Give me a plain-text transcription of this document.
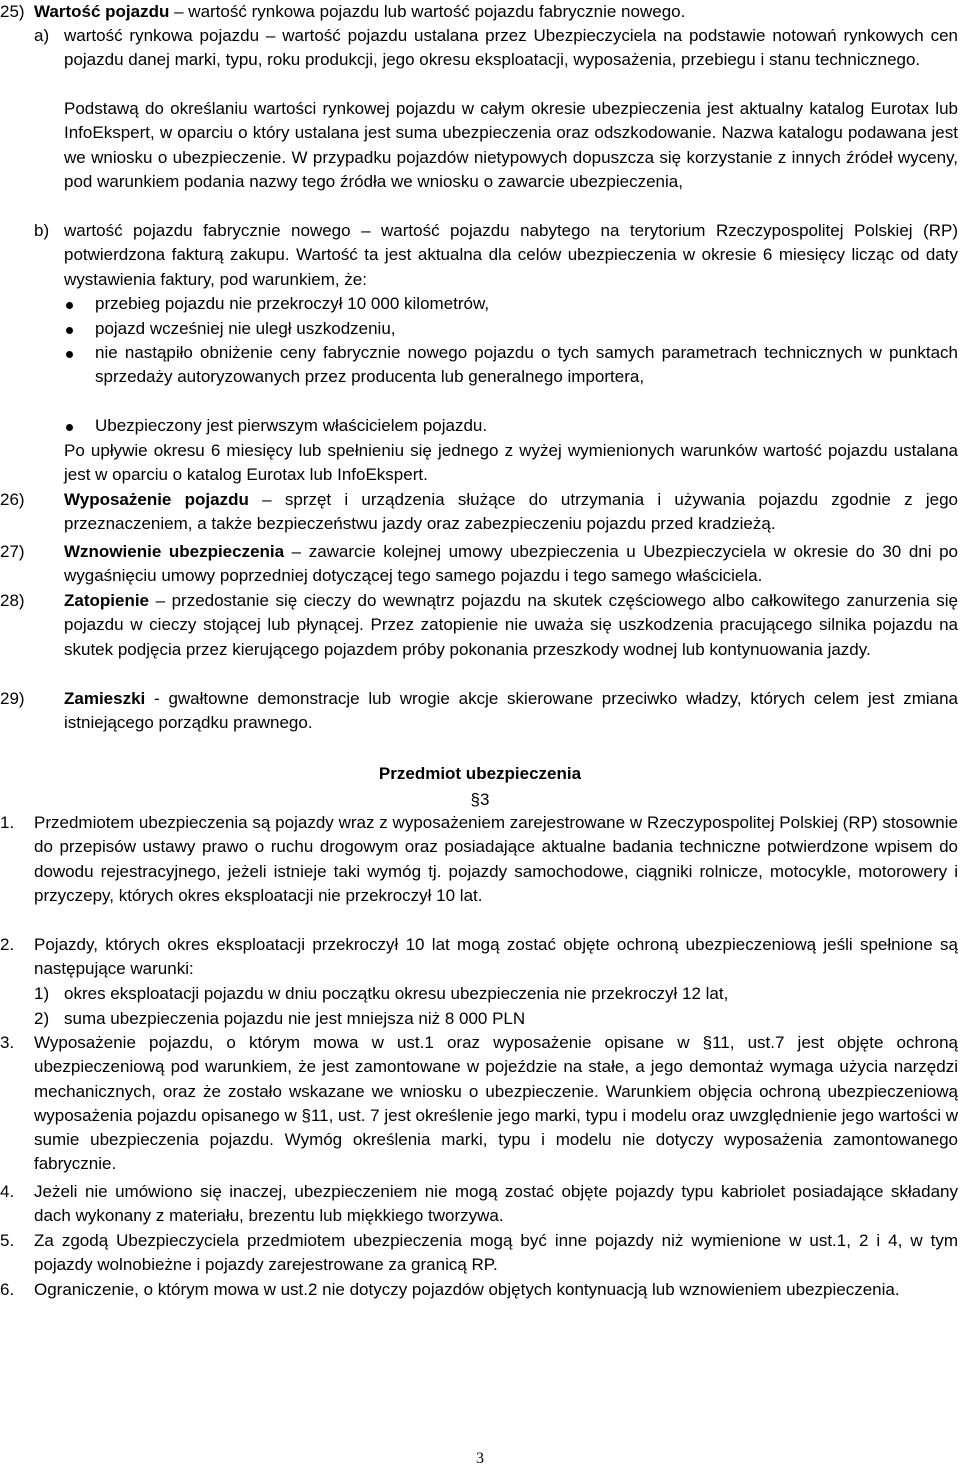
25) Wartość pojazdu – wartość rynkowa pojazdu lub wartość pojazdu fabrycznie nowego.

a) wartość rynkowa pojazdu – wartość pojazdu ustalana przez Ubezpieczyciela na podstawie notowań rynkowych cen pojazdu danej marki, typu, roku produkcji, jego okresu eksploatacji, wyposażenia, przebiegu i stanu technicznego.

Podstawą do określaniu wartości rynkowej pojazdu w całym okresie ubezpieczenia jest aktualny katalog Eurotax lub InfoEkspert, w oparciu o który ustalana jest suma ubezpieczenia oraz odszkodowanie. Nazwa katalogu podawana jest we wniosku o ubezpieczenie. W przypadku pojazdów nietypowych dopuszcza się korzystanie z innych źródeł wyceny, pod warunkiem podania nazwy tego źródła we wniosku o zawarcie ubezpieczenia,

b) wartość pojazdu fabrycznie nowego – wartość pojazdu nabytego na terytorium Rzeczypospolitej Polskiej (RP) potwierdzona fakturą zakupu. Wartość ta jest aktualna dla celów ubezpieczenia w okresie 6 miesięcy licząc od daty wystawienia faktury, pod warunkiem, że:

przebieg pojazdu nie przekroczył 10 000 kilometrów,

pojazd wcześniej nie uległ uszkodzeniu,

nie nastąpiło obniżenie ceny fabrycznie nowego pojazdu o tych samych parametrach technicznych w punktach sprzedaży autoryzowanych przez producenta lub generalnego importera,

Ubezpieczony jest pierwszym właścicielem pojazdu.

Po upływie okresu 6 miesięcy lub spełnieniu się jednego z wyżej wymienionych warunków wartość pojazdu ustalana jest w oparciu o katalog Eurotax lub InfoEkspert.

26) Wyposażenie pojazdu – sprzęt i urządzenia służące do utrzymania i używania pojazdu zgodnie z jego przeznaczeniem, a także bezpieczeństwu jazdy oraz zabezpieczeniu pojazdu przed kradzieżą.

27) Wznowienie ubezpieczenia – zawarcie kolejnej umowy ubezpieczenia u Ubezpieczyciela w okresie do 30 dni po wygaśnięciu umowy poprzedniej dotyczącej tego samego pojazdu i tego samego właściciela.

28) Zatopienie – przedostanie się cieczy do wewnątrz pojazdu na skutek częściowego albo całkowitego zanurzenia się pojazdu w cieczy stojącej lub płynącej. Przez zatopienie nie uważa się uszkodzenia pracującego silnika pojazdu na skutek podjęcia przez kierującego pojazdem próby pokonania przeszkody wodnej lub kontynuowania jazdy.

29) Zamieszki - gwałtowne demonstracje lub wrogie akcje skierowane przeciwko władzy, których celem jest zmiana istniejącego porządku prawnego.

Przedmiot ubezpieczenia
§3
1. Przedmiotem ubezpieczenia są pojazdy wraz z wyposażeniem zarejestrowane w Rzeczypospolitej Polskiej (RP) stosownie do przepisów ustawy prawo o ruchu drogowym oraz posiadające aktualne badania techniczne potwierdzone wpisem do dowodu rejestracyjnego, jeżeli istnieje taki wymóg tj. pojazdy samochodowe, ciągniki rolnicze, motocykle, motorowery i przyczepy, których okres eksploatacji nie przekroczył 10 lat.

2. Pojazdy, których okres eksploatacji przekroczył 10 lat mogą zostać objęte ochroną ubezpieczeniową jeśli spełnione są następujące warunki:

1) okres eksploatacji pojazdu w dniu początku okresu ubezpieczenia nie przekroczył 12 lat,

2) suma ubezpieczenia pojazdu nie jest mniejsza niż 8 000 PLN

3. Wyposażenie pojazdu, o którym mowa w ust.1 oraz wyposażenie opisane w §11, ust.7 jest objęte ochroną ubezpieczeniową pod warunkiem, że jest zamontowane w pojeździe na stałe, a jego demontaż wymaga użycia narzędzi mechanicznych, oraz że zostało wskazane we wniosku o ubezpieczenie. Warunkiem objęcia ochroną ubezpieczeniową wyposażenia pojazdu opisanego w §11, ust. 7 jest określenie jego marki, typu i modelu oraz uwzględnienie jego wartości w sumie ubezpieczenia pojazdu. Wymóg określenia marki, typu i modelu nie dotyczy wyposażenia zamontowanego fabrycznie.

4. Jeżeli nie umówiono się inaczej, ubezpieczeniem nie mogą zostać objęte pojazdy typu kabriolet posiadające składany dach wykonany z materiału, brezentu lub miękkiego tworzywa.

5. Za zgodą Ubezpieczyciela przedmiotem ubezpieczenia mogą być inne pojazdy niż wymienione w ust.1, 2 i 4, w tym pojazdy wolnobieżne i pojazdy zarejestrowane za granicą RP.

6. Ograniczenie, o którym mowa w ust.2 nie dotyczy pojazdów objętych kontynuacją lub wznowieniem ubezpieczenia.

3
